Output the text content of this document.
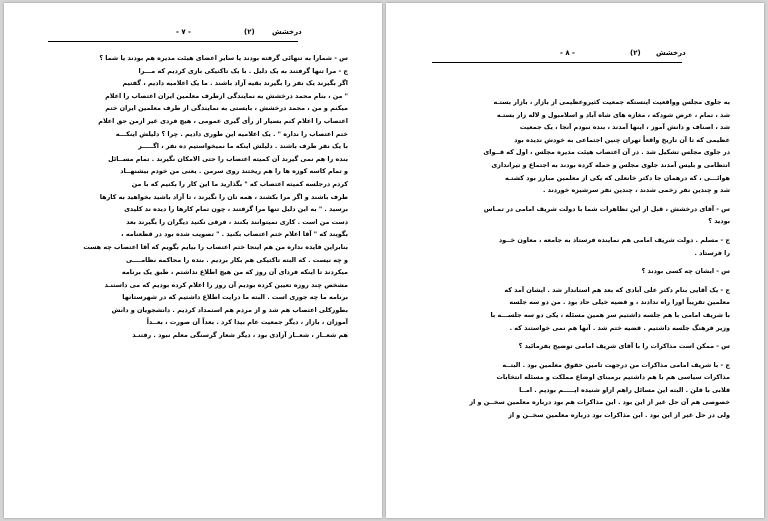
درخشش
(۲)
- ۷ -
س - شمارا به تنهائی گرفته بودند یا سایر اعضای هیئت مدیره هم بودند یا شما ؟
ج - مرا تنها گرفتند به یک دلیل . با یک تاکتیکی بازی کردیم که مـــرا
اگر بگیرند یک نفر را بگیرند بقیه آزاد باشند . ما یک اعلامیه دادیم ، گفتیم
" من ، بنام محمد درخشش به نمایندگی ازطرف معلمین ایران اعتصاب را اعلام
میکنم و من ، محمد درخشش ، بایستی به نمایندگی از طرف معلمین ایران ختم
اعتصاب را اعلام کنم بسیار از رأی گیری عمومی ، هیچ فردی غیر ازمن حق اعلام
ختم اعتصاب را نداره " . یک اعلامیه این طوری دادیم . چرا ؟ دلیلش اینکـــه
با یک نفر طرف باشند . دلیلش اینکه ما نمیخواستیم ده نفر ، اگـــــر
بنده را هم نمی گیرند آن کمیته اعتصاب را حتی الامکان نگیرند . تمام مســائل
و تمام کاسه کوزه ها را هم ریختند روی سرمن . یعنی من خودم بیشنهــاد
کردم درجلسه کمیته اعتصاب که " بگذارید ما این کار را بکنیم که با من
طرف باشند و اگر مرا بکشند ، همه تان را نگیرند ، تا آزاد باشید بخواهید به کارها
برسید . " به این دلیل تنها مرا گرفتند ، چون تمام کارها را دیده ند کلیدی
دست من است . کاری نمیتوانند بکنند ، فرقی نکنید دیگران را بگیرند بعد
بگویند که " آقا اعلام ختم اعتصاب بکنید . " تصویب شده بود در قطعنامه ،
بنابراین فایده نداره من هم اینجا ختم اعتصاب را بیایم بگویم که آقا اعتصاب چه هست
و چه نیست . که البته تاکتیکی هم بکار بردیم . بنده را محاکمه نظامــــی
میکردند تا اینکه فردای آن روز که من هیچ اطلاع نداشتم ، طبق یک برنامه
مشخص چند روزه تعیین کرده بودیم آن روز را اعلام کرده بودیم که می داستنـد
برنامه ما چه جوری است . البته ما درایت اطلاع داشتیم که در شهرستانها
بطورکلی اعتصاب هم شد و از مردم هم استمداد کردیم . دانشجویان و دانش
آموزان ، بازار ، دیگر جمعیت عام بیدا کرد . بعداً آن صورت ، بعــداً
هم شعــار ، شعــار آزادی بود ، دیگر شعار گرسنگی معلم نبود . رفتنـد
درخشش
(۲)
- ۸ -
به جلوی مجلس وواقعیت اینستکه جمعیت کثیروعظیمی از بازار ، بازار بستـه
شد ، تمام ، عرض شودکه ، مغازه های شاه آباد و اسلامبول و لاله زار بستـه
شد ، اصناف و دانش آموز ، اینها آمدند ، بنده نبودم آنجا ، یک جمعیت
عظیمی که تا آن تاریخ واقعاً تهران چنین اجتماعی به خودش ندیده بود
در جلوی مجلس تشکیل شد . در آن اعتصاب هیئت مدیره مجلس ، اول که قــوای
انتظامی و بلیس آمدند جلوی مجلس و حمله کرده بودند به اجتماع و تیراندازی
هوائـــی ، که درهمان جا دکتر خانعلی که یکی از معلمین مبارز بود کشتـه
شد و چندین نفر زخمی شدند ، چندین نفر سرشیزه خوردند .
س - آقای درخشش ، قبل از این تظاهرات شما با دولت شریف امامی در تمـاس
بودید ؟
ج - مسلم . دولت شریف امامی هم نماینده فرستاد به جامعه ، معاون خــود
را فرستاد .
س - ایشان چه کسی بودند ؟
ج - یک آقایی بنام دکتر علی آبادی که بعد هم استاندار شد . ایشان آمد که
معلمین تقریباً اورا راه ندادند ، و قضیه خیلی حاد بود . من دو سه جلسه
با شریف امامی با هم جلسه داشتیم سر همین مسئله ، یکی دو سه جلســـه با
وزیر فرهنگ جلسه داشتیم . قضیه ختم شد . آنها هم نمی خواستند که .
س - ممکن است مذاکرات را با آقای شریف امامی توضیح بفرمائید ؟
ج - با شریف امامی مذاکرات من درجهت تامین حقوق معلمین بود . البتــه
مذاکرات سیاسی هم با هم داشتیم برمبنای اوضاع مملکت و مسئله انتخابات
قلابی با قلن . البته این مسائل راهم ازاو شنیده ایـــــم بودیم . امــا
خصوصی هم آن حل غیر از این بود . این مذاکرات هم بود درباره معلمین سخــن و از
ولی در حل غیر از این بود . این مذاکرات بود درباره معلمین سخــن و از
